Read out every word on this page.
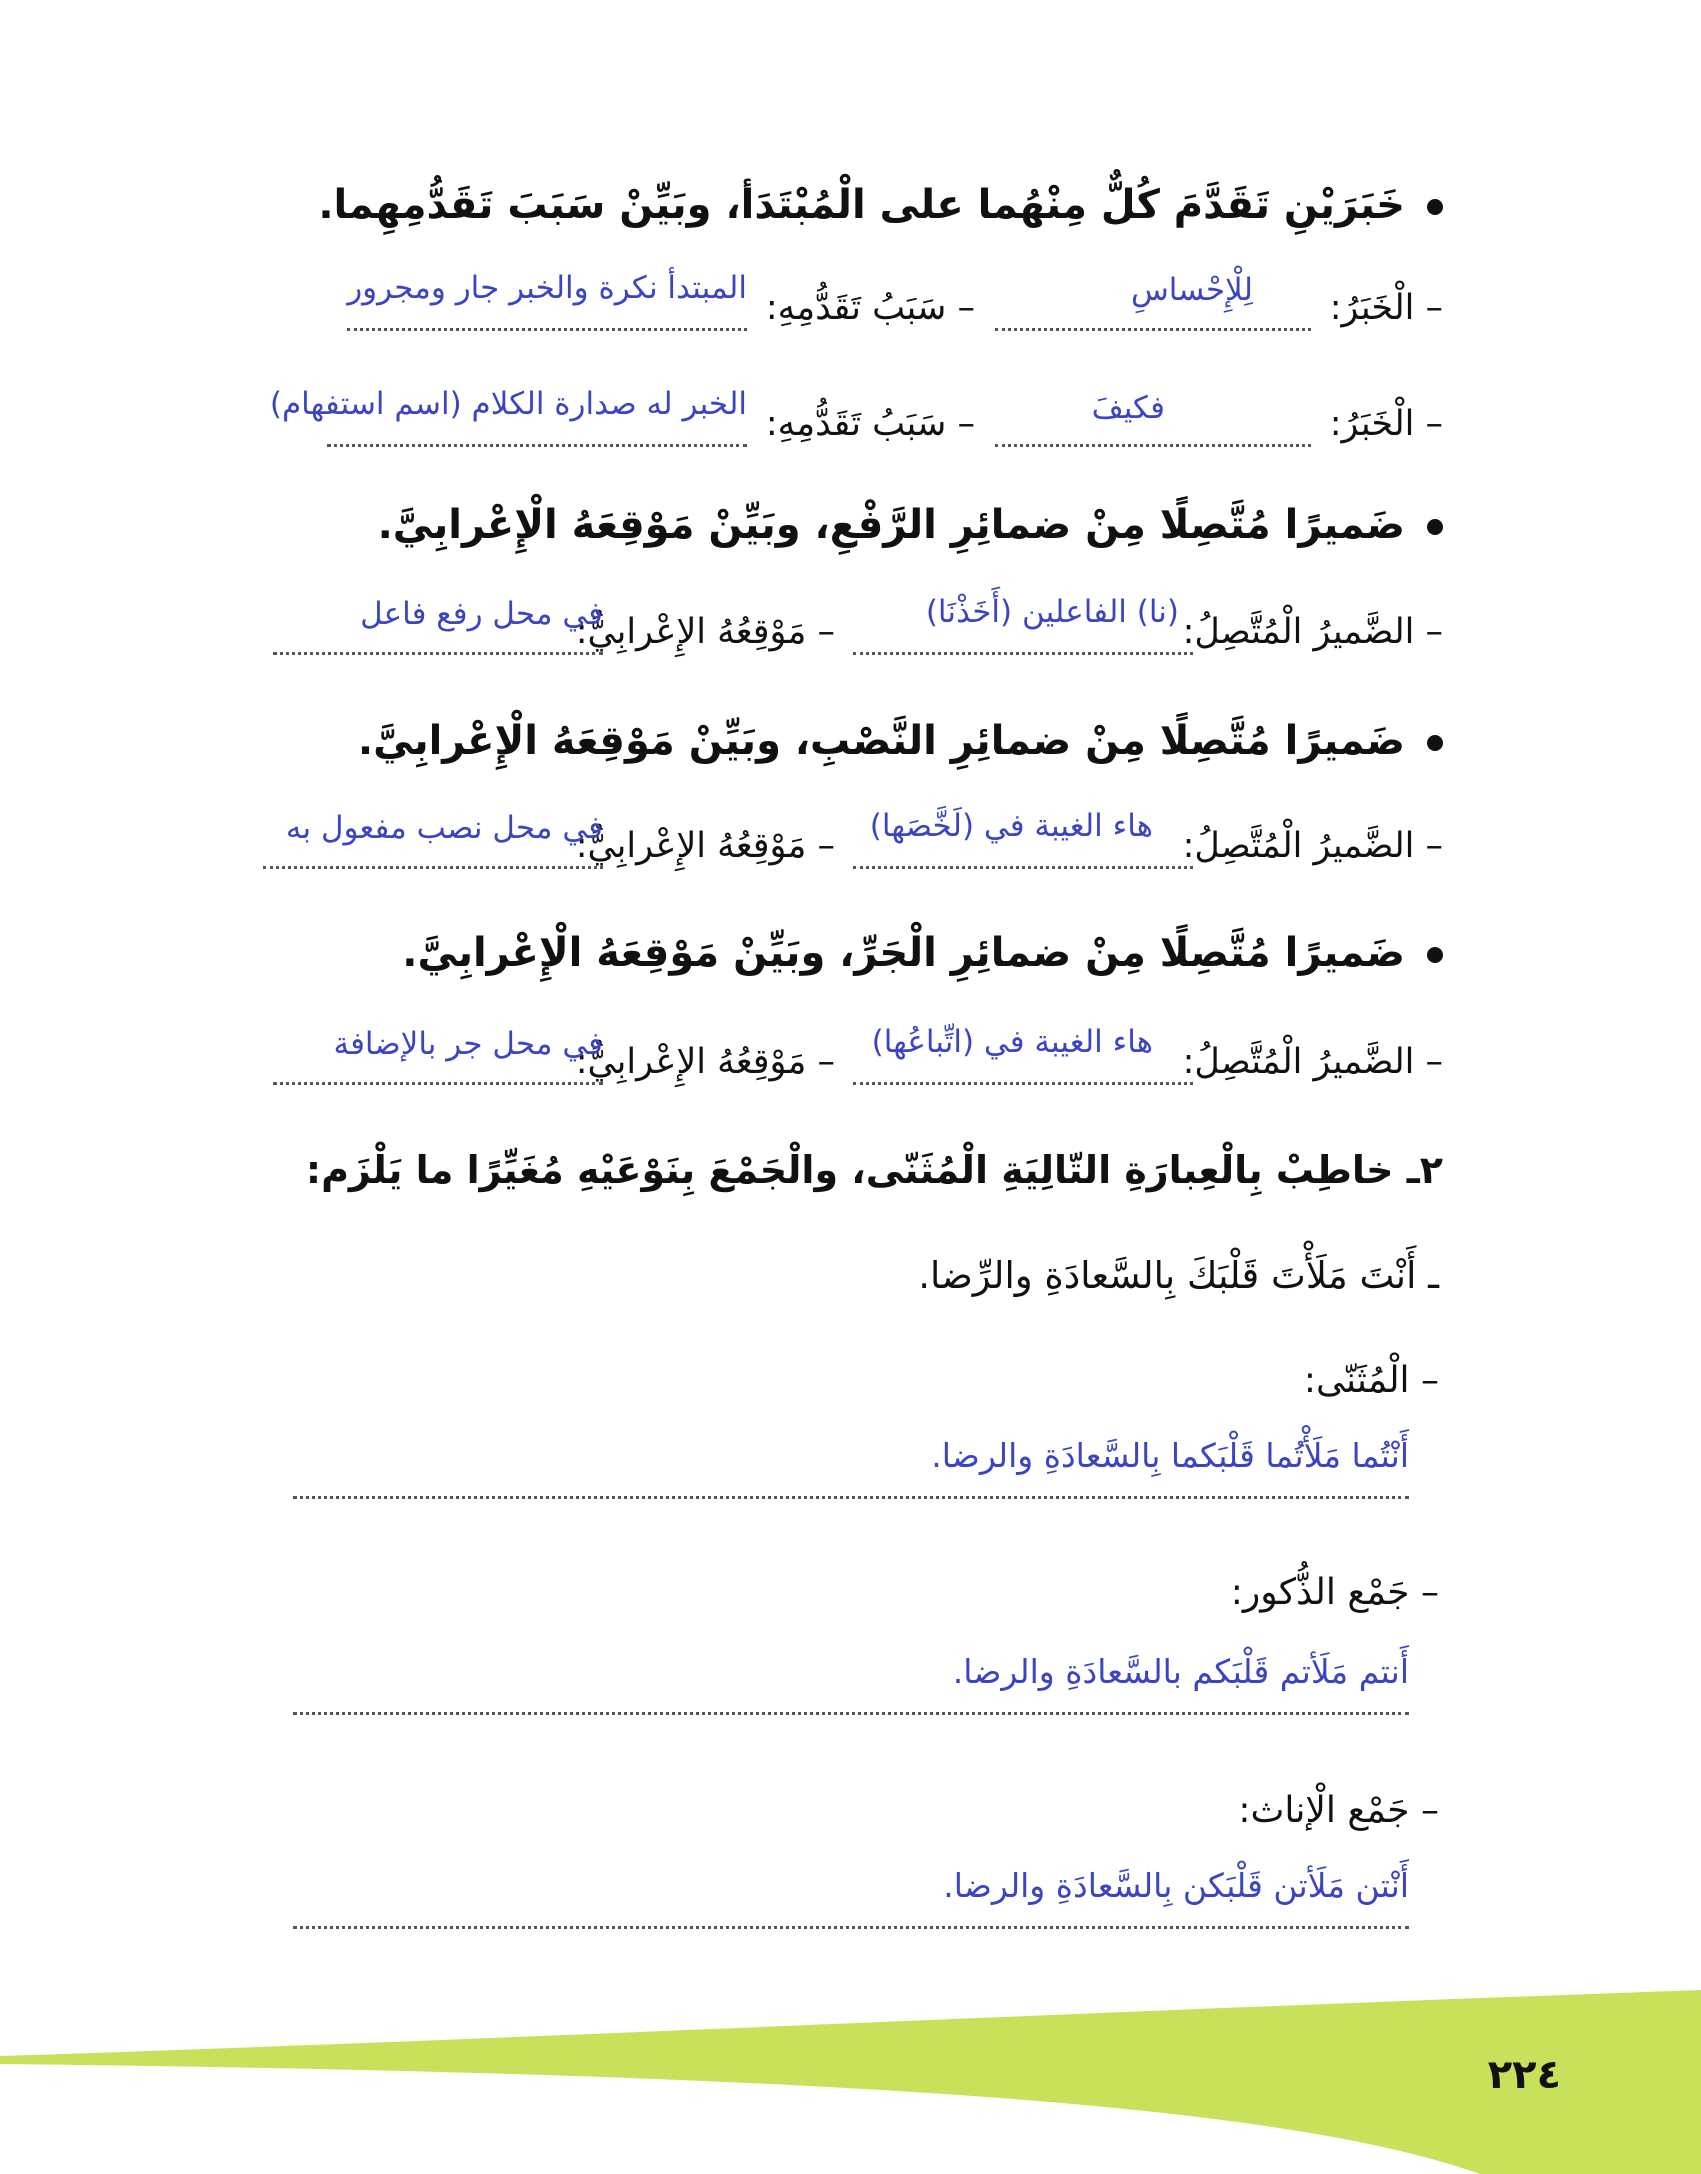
خَبَرَيْنِ تَقَدَّمَ كُلٌّ مِنْهُما على الْمُبْتَدَأ، وبَيِّنْ سَبَبَ تَقَدُّمِهِما.
– الْخَبَرُ:
لِلْإِحْساسِ
– سَبَبُ تَقَدُّمِهِ:
المبتدأ نكرة والخبر جار ومجرور
– الْخَبَرُ:
فكيفَ
– سَبَبُ تَقَدُّمِهِ:
الخبر له صدارة الكلام (اسم استفهام)
ضَميرًا مُتَّصِلًا مِنْ ضمائِرِ الرَّفْعِ، وبَيِّنْ مَوْقِعَهُ الْإِعْرابِيَّ.
– الضَّميرُ الْمُتَّصِلُ:
(نا) الفاعلين (أَخَذْنَا)
– مَوْقِعُهُ الإِعْرابِيُّ:
في محل رفع فاعل
ضَميرًا مُتَّصِلًا مِنْ ضمائِرِ النَّصْبِ، وبَيِّنْ مَوْقِعَهُ الْإِعْرابِيَّ.
– الضَّميرُ الْمُتَّصِلُ:
هاء الغيبة في (لَخَّصَها)
– مَوْقِعُهُ الإِعْرابِيُّ:
في محل نصب مفعول به
ضَميرًا مُتَّصِلًا مِنْ ضمائِرِ الْجَرِّ، وبَيِّنْ مَوْقِعَهُ الْإِعْرابِيَّ.
– الضَّميرُ الْمُتَّصِلُ:
هاء الغيبة في (اتِّباعُها)
– مَوْقِعُهُ الإِعْرابِيُّ:
في محل جر بالإضافة
٢ـ خاطِبْ بِالْعِبارَةِ التّالِيَةِ الْمُثَنّى، والْجَمْعَ بِنَوْعَيْهِ مُغَيِّرًا ما يَلْزَم:
ـ أَنْتَ مَلَأْتَ قَلْبَكَ بِالسَّعادَةِ والرِّضا.
– الْمُثَنّى:
أَنْتُما مَلَأْتُما قَلْبَكما بِالسَّعادَةِ والرضا.
– جَمْع الذُّكور:
أَنتم مَلَأتم قَلْبَكم بالسَّعادَةِ والرضا.
– جَمْع الْإناث:
أَنْتن مَلَأتن قَلْبَكن بِالسَّعادَةِ والرضا.
٢٢٤
